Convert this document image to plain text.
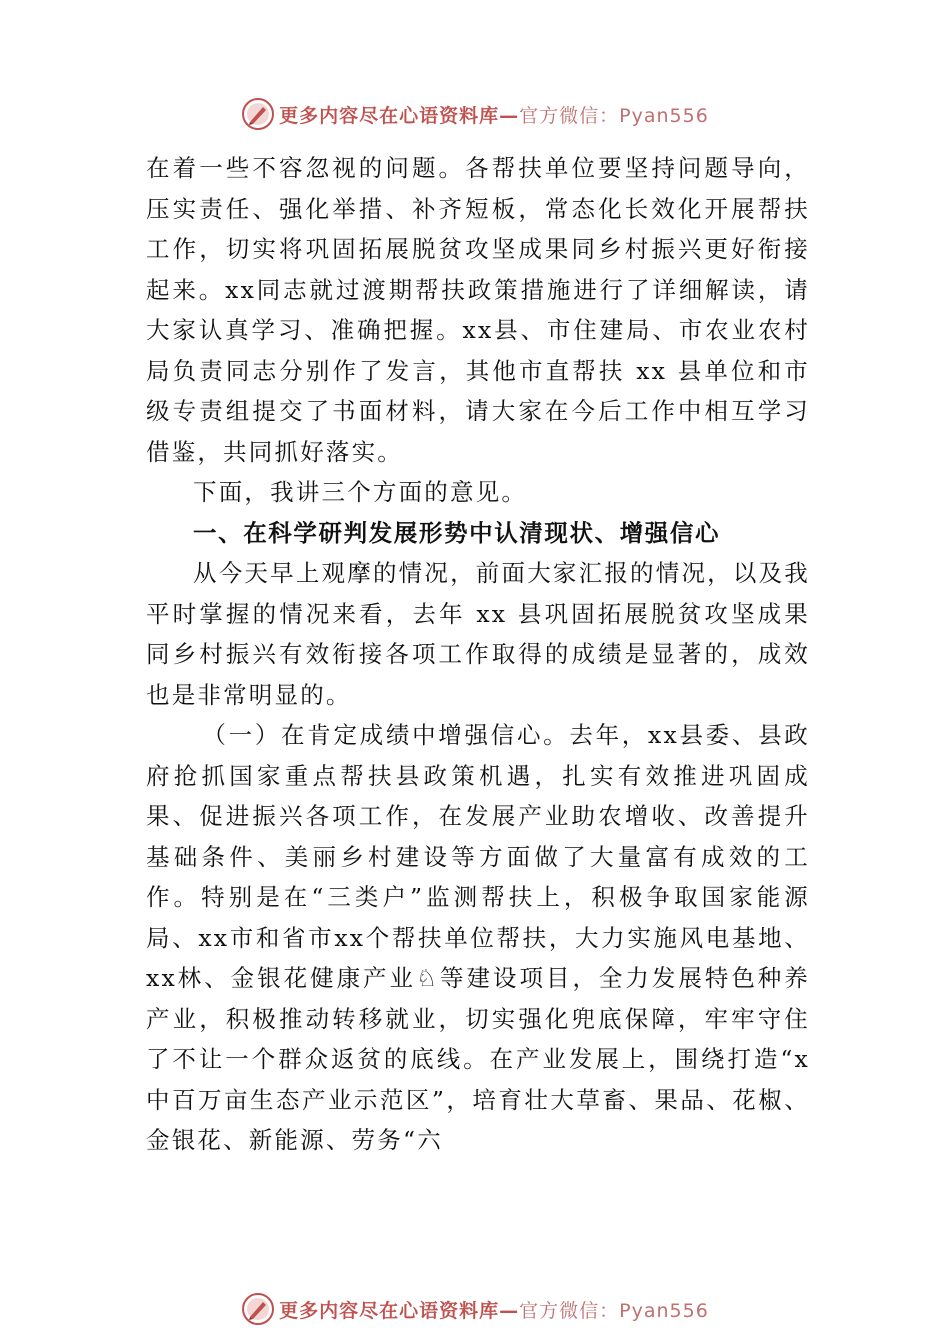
更多内容尽在心语资料库—官方微信：Pyan556

在着一些不容忽视的问题。各帮扶单位要坚持问题导向，压实责任、强化举措、补齐短板，常态化长效化开展帮扶工作，切实将巩固拓展脱贫攻坚成果同乡村振兴更好衔接起来。xx同志就过渡期帮扶政策措施进行了详细解读，请大家认真学习、准确把握。xx县、市住建局、市农业农村局负责同志分别作了发言，其他市直帮扶 xx 县单位和市级专责组提交了书面材料，请大家在今后工作中相互学习借鉴，共同抓好落实。

下面，我讲三个方面的意见。

一、在科学研判发展形势中认清现状、增强信心

从今天早上观摩的情况，前面大家汇报的情况，以及我平时掌握的情况来看，去年 xx 县巩固拓展脱贫攻坚成果同乡村振兴有效衔接各项工作取得的成绩是显著的，成效也是非常明显的。

（一）在肯定成绩中增强信心。去年，xx县委、县政府抢抓国家重点帮扶县政策机遇，扎实有效推进巩固成果、促进振兴各项工作，在发展产业助农增收、改善提升基础条件、美丽乡村建设等方面做了大量富有成效的工作。特别是在“三类户”监测帮扶上，积极争取国家能源局、xx市和省市xx个帮扶单位帮扶，大力实施风电基地、xx林、金银花健康产业♘等建设项目，全力发展特色种养产业，积极推动转移就业，切实强化兜底保障，牢牢守住了不让一个群众返贫的底线。在产业发展上，围绕打造“x 中百万亩生态产业示范区”，培育壮大草畜、果品、花椒、金银花、新能源、劳务“六

更多内容尽在心语资料库—官方微信：Pyan556
